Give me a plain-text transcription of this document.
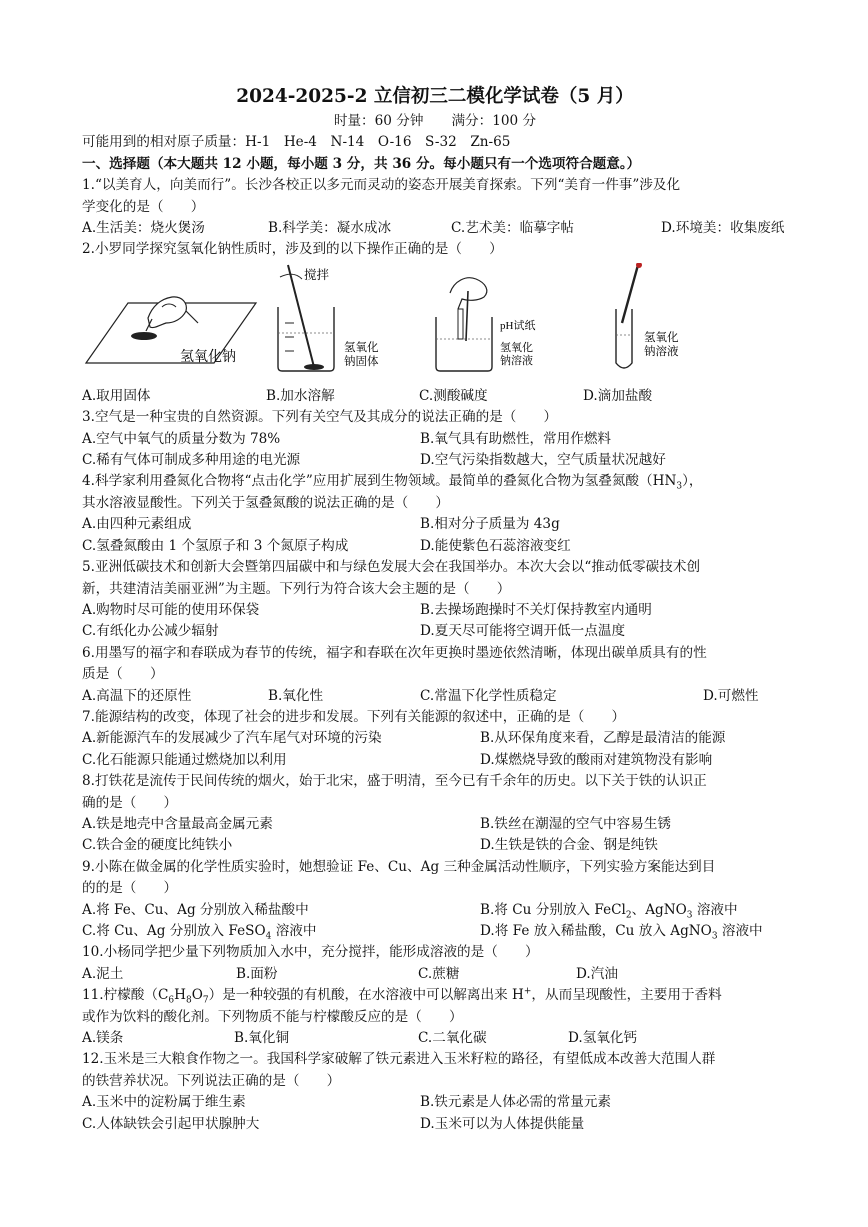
2024-2025-2 立信初三二模化学试卷（5 月）
时量：60 分钟 满分：100 分
可能用到的相对原子质量：H-1　He-4　N-14　O-16　S-32　Zn-65
一、选择题（本大题共 12 小题，每小题 3 分，共 36 分。每小题只有一个选项符合题意。）
1.“以美育人，向美而行”。长沙各校正以多元而灵动的姿态开展美育探索。下列“美育一件事”涉及化
学变化的是（　　）
A.生活美：烧火煲汤	B.科学美：凝水成冰	C.艺术美：临摹字帖	D.环境美：收集废纸
2.小罗同学探究氢氧化钠性质时，涉及到的以下操作正确的是（　　）
氢氧化钠
搅拌
氢氧化
钠固体
pH试纸
氢氧化
钠溶液
氢氧化
钠溶液
A.取用固体	B.加水溶解	C.测酸碱度	D.滴加盐酸
3.空气是一种宝贵的自然资源。下列有关空气及其成分的说法正确的是（　　）
A.空气中氧气的质量分数为 78%	B.氧气具有助燃性，常用作燃料
C.稀有气体可制成多种用途的电光源	D.空气污染指数越大，空气质量状况越好
4.科学家利用叠氮化合物将“点击化学”应用扩展到生物领域。最简单的叠氮化合物为氢叠氮酸$(HN_3)$，
其水溶液显酸性。下列关于氢叠氮酸的说法正确的是（　　）
A.由四种元素组成	B.相对分子质量为 43g
C.氢叠氮酸由 1 个氢原子和 3 个氮原子构成	D.能使紫色石蕊溶液变红
5.亚洲低碳技术和创新大会暨第四届碳中和与绿色发展大会在我国举办。本次大会以“推动低零碳技术创
新，共建清洁美丽亚洲”为主题。下列行为符合该大会主题的是（　　）
A.购物时尽可能的使用环保袋	B.去操场跑操时不关灯保持教室内通明
C.有纸化办公减少辐射	D.夏天尽可能将空调开低一点温度
6.用墨写的福字和春联成为春节的传统，福字和春联在次年更换时墨迹依然清晰，体现出碳单质具有的性
质是（　　）
A.高温下的还原性	B.氧化性	C.常温下化学性质稳定	D.可燃性
7.能源结构的改变，体现了社会的进步和发展。下列有关能源的叙述中，正确的是（　　）
A.新能源汽车的发展减少了汽车尾气对环境的污染	B.从环保角度来看，乙醇是最清洁的能源
C.化石能源只能通过燃烧加以利用	D.煤燃烧导致的酸雨对建筑物没有影响
8.打铁花是流传于民间传统的烟火，始于北宋，盛于明清，至今已有千余年的历史。以下关于铁的认识正
确的是（　　）
A.铁是地壳中含量最高金属元素	B.铁丝在潮湿的空气中容易生锈
C.铁合金的硬度比纯铁小	D.生铁是铁的合金、钢是纯铁
9.小陈在做金属的化学性质实验时，她想验证 Fe、Cu、Ag 三种金属活动性顺序，下列实验方案能达到目
的的是（　　）
A.将 Fe、Cu、Ag 分别放入稀盐酸中	B.将 Cu 分别放入 FeCl$_2$、AgNO$_3$ 溶液中
C.将 Cu、Ag 分别放入 FeSO$_4$ 溶液中	D.将 Fe 放入稀盐酸，Cu 放入 AgNO$_3$ 溶液中
10.小杨同学把少量下列物质加入水中，充分搅拌，能形成溶液的是（　　）
A.泥土	B.面粉	C.蔗糖	D.汽油
11.柠檬酸$(C_6H_8O_7)$是一种较强的有机酸，在水溶液中可以解离出来 H+，从而呈现酸性，主要用于香料
或作为饮料的酸化剂。下列物质不能与柠檬酸反应的是（　　）
A.镁条	B.氧化铜	C.二氧化碳	D.氢氧化钙
12.玉米是三大粮食作物之一。我国科学家破解了铁元素进入玉米籽粒的路径，有望低成本改善大范围人群
的铁营养状况。下列说法正确的是（　　）
A.玉米中的淀粉属于维生素	B.铁元素是人体必需的常量元素
C.人体缺铁会引起甲状腺肿大	D.玉米可以为人体提供能量
